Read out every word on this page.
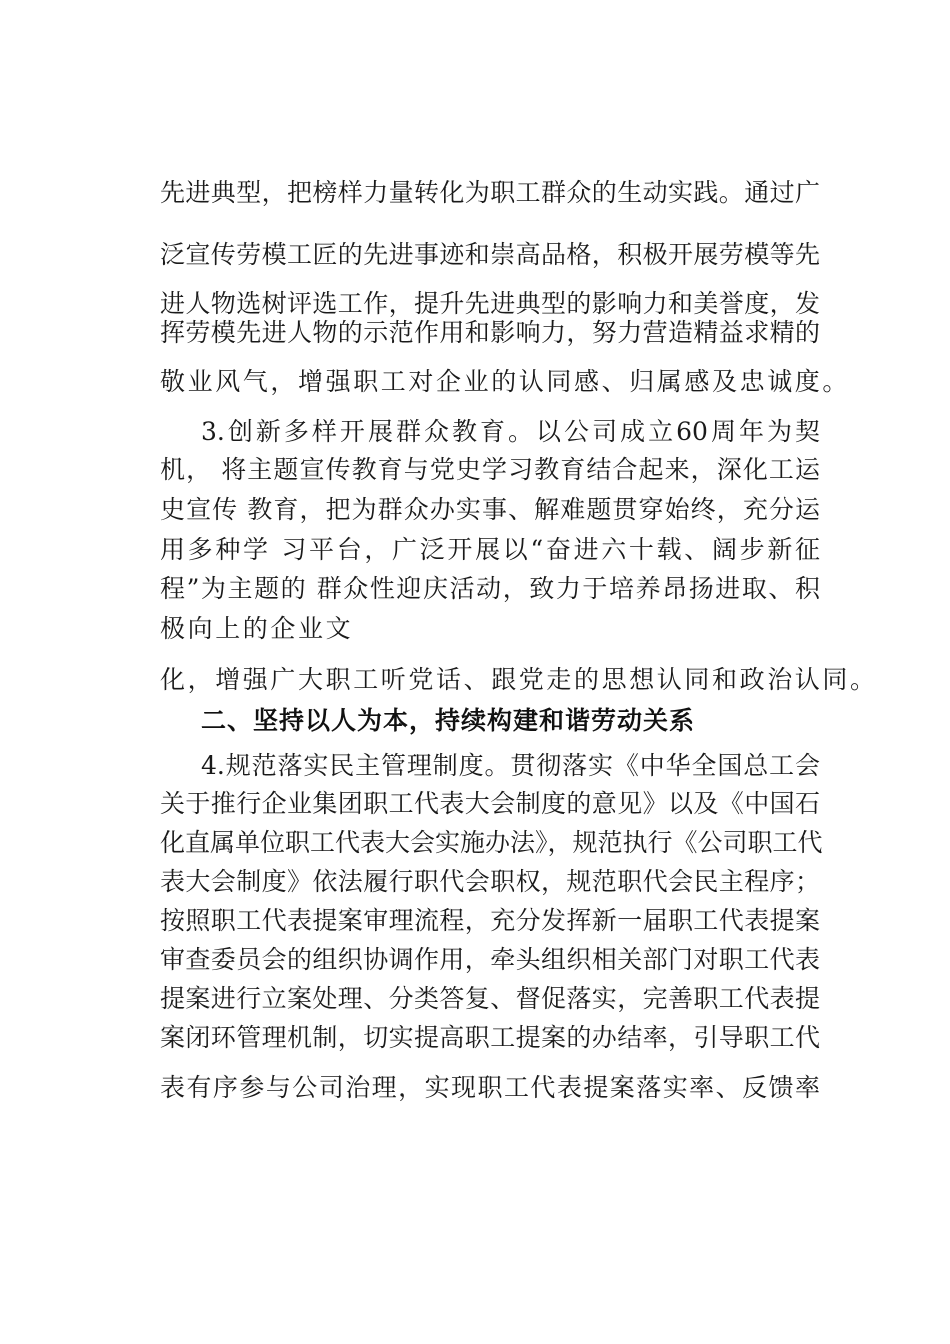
先进典型，把榜样力量转化为职工群众的生动实践。通过广
泛宣传劳模工匠的先进事迹和崇高品格，积极开展劳模等先
进人物选树评选工作，提升先进典型的影响力和美誉度，发
挥劳模先进人物的示范作用和影响力，努力营造精益求精的
敬业风气，增强职工对企业的认同感、归属感及忠诚度。
3.创新多样开展群众教育。以公司成立60周年为契
机， 将主题宣传教育与党史学习教育结合起来，深化工运
史宣传 教育，把为群众办实事、解难题贯穿始终，充分运
用多种学 习平台，广泛开展以“奋进六十载、阔步新征
程”为主题的 群众性迎庆活动，致力于培养昂扬进取、积
极向上的企业文
化，增强广大职工听党话、跟党走的思想认同和政治认同。
二、坚持以人为本，持续构建和谐劳动关系
4.规范落实民主管理制度。贯彻落实《中华全国总工会
关于推行企业集团职工代表大会制度的意见》以及《中国石
化直属单位职工代表大会实施办法》，规范执行《公司职工代
表大会制度》依法履行职代会职权，规范职代会民主程序；
按照职工代表提案审理流程，充分发挥新一届职工代表提案
审查委员会的组织协调作用，牵头组织相关部门对职工代表
提案进行立案处理、分类答复、督促落实，完善职工代表提
案闭环管理机制，切实提高职工提案的办结率，引导职工代
表有序参与公司治理，实现职工代表提案落实率、反馈率
